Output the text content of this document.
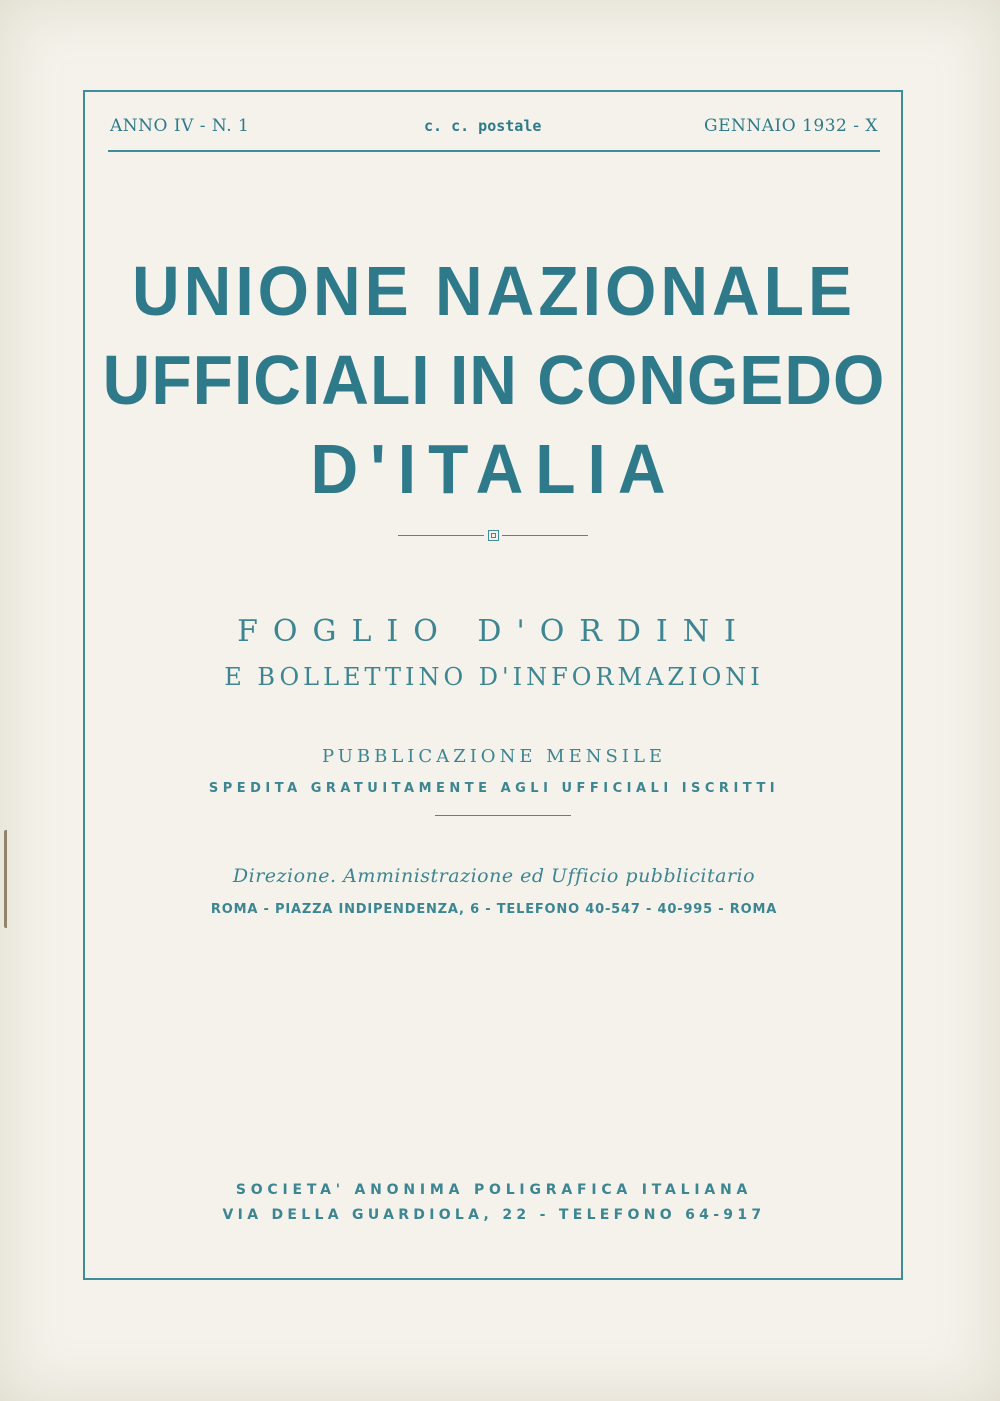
ANNO IV - N. 1	c. c. postale	GENNAIO 1932 - X
UNIONE NAZIONALE
UFFICIALI IN CONGEDO
D'ITALIA
FOGLIO D'ORDINI
E BOLLETTINO D'INFORMAZIONI
PUBBLICAZIONE MENSILE
SPEDITA GRATUITAMENTE AGLI UFFICIALI ISCRITTI
Direzione. Amministrazione ed Ufficio pubblicitario
ROMA - PIAZZA INDIPENDENZA, 6 - TELEFONO 40-547 - 40-995 - ROMA
SOCIETA' ANONIMA POLIGRAFICA ITALIANA
VIA DELLA GUARDIOLA, 22 - TELEFONO 64-917
